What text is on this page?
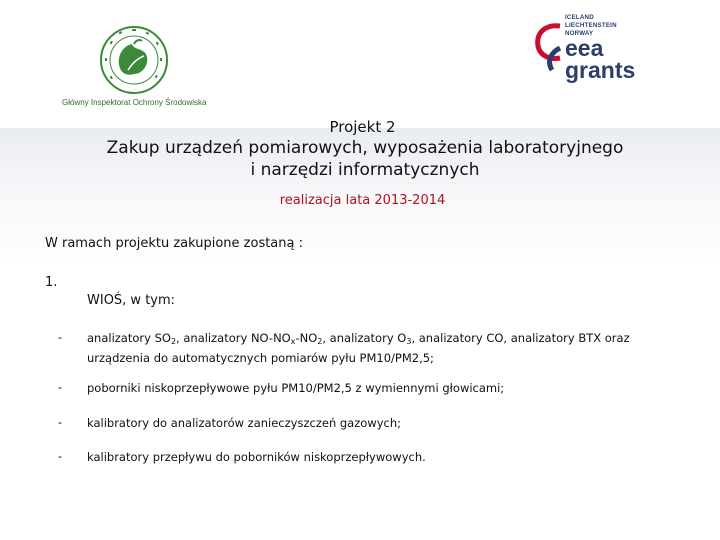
Główny Inspektorat Ochrony Środowiska
ICELAND
LIECHTENSTEIN
NORWAY
eea
grants
Projekt 2
Zakup urządzeń pomiarowych, wyposażenia laboratoryjnego
i narzędzi informatycznych
realizacja lata 2013-2014
W ramach projektu zakupione zostaną :
1.
WIOŚ, w tym:
- analizatory $SO_2$, analizatory $NO-NO_x-NO_2$, analizatory $O_3$, analizatory CO, analizatory BTX oraz
urządzenia do automatycznych pomiarów pyłu PM10/PM2,5;
- poborniki niskoprzepływowe pyłu PM10/PM2,5 z wymiennymi głowicami;
- kalibratory do analizatorów zanieczyszczeń gazowych;
- kalibratory przepływu do poborników niskoprzepływowych.
